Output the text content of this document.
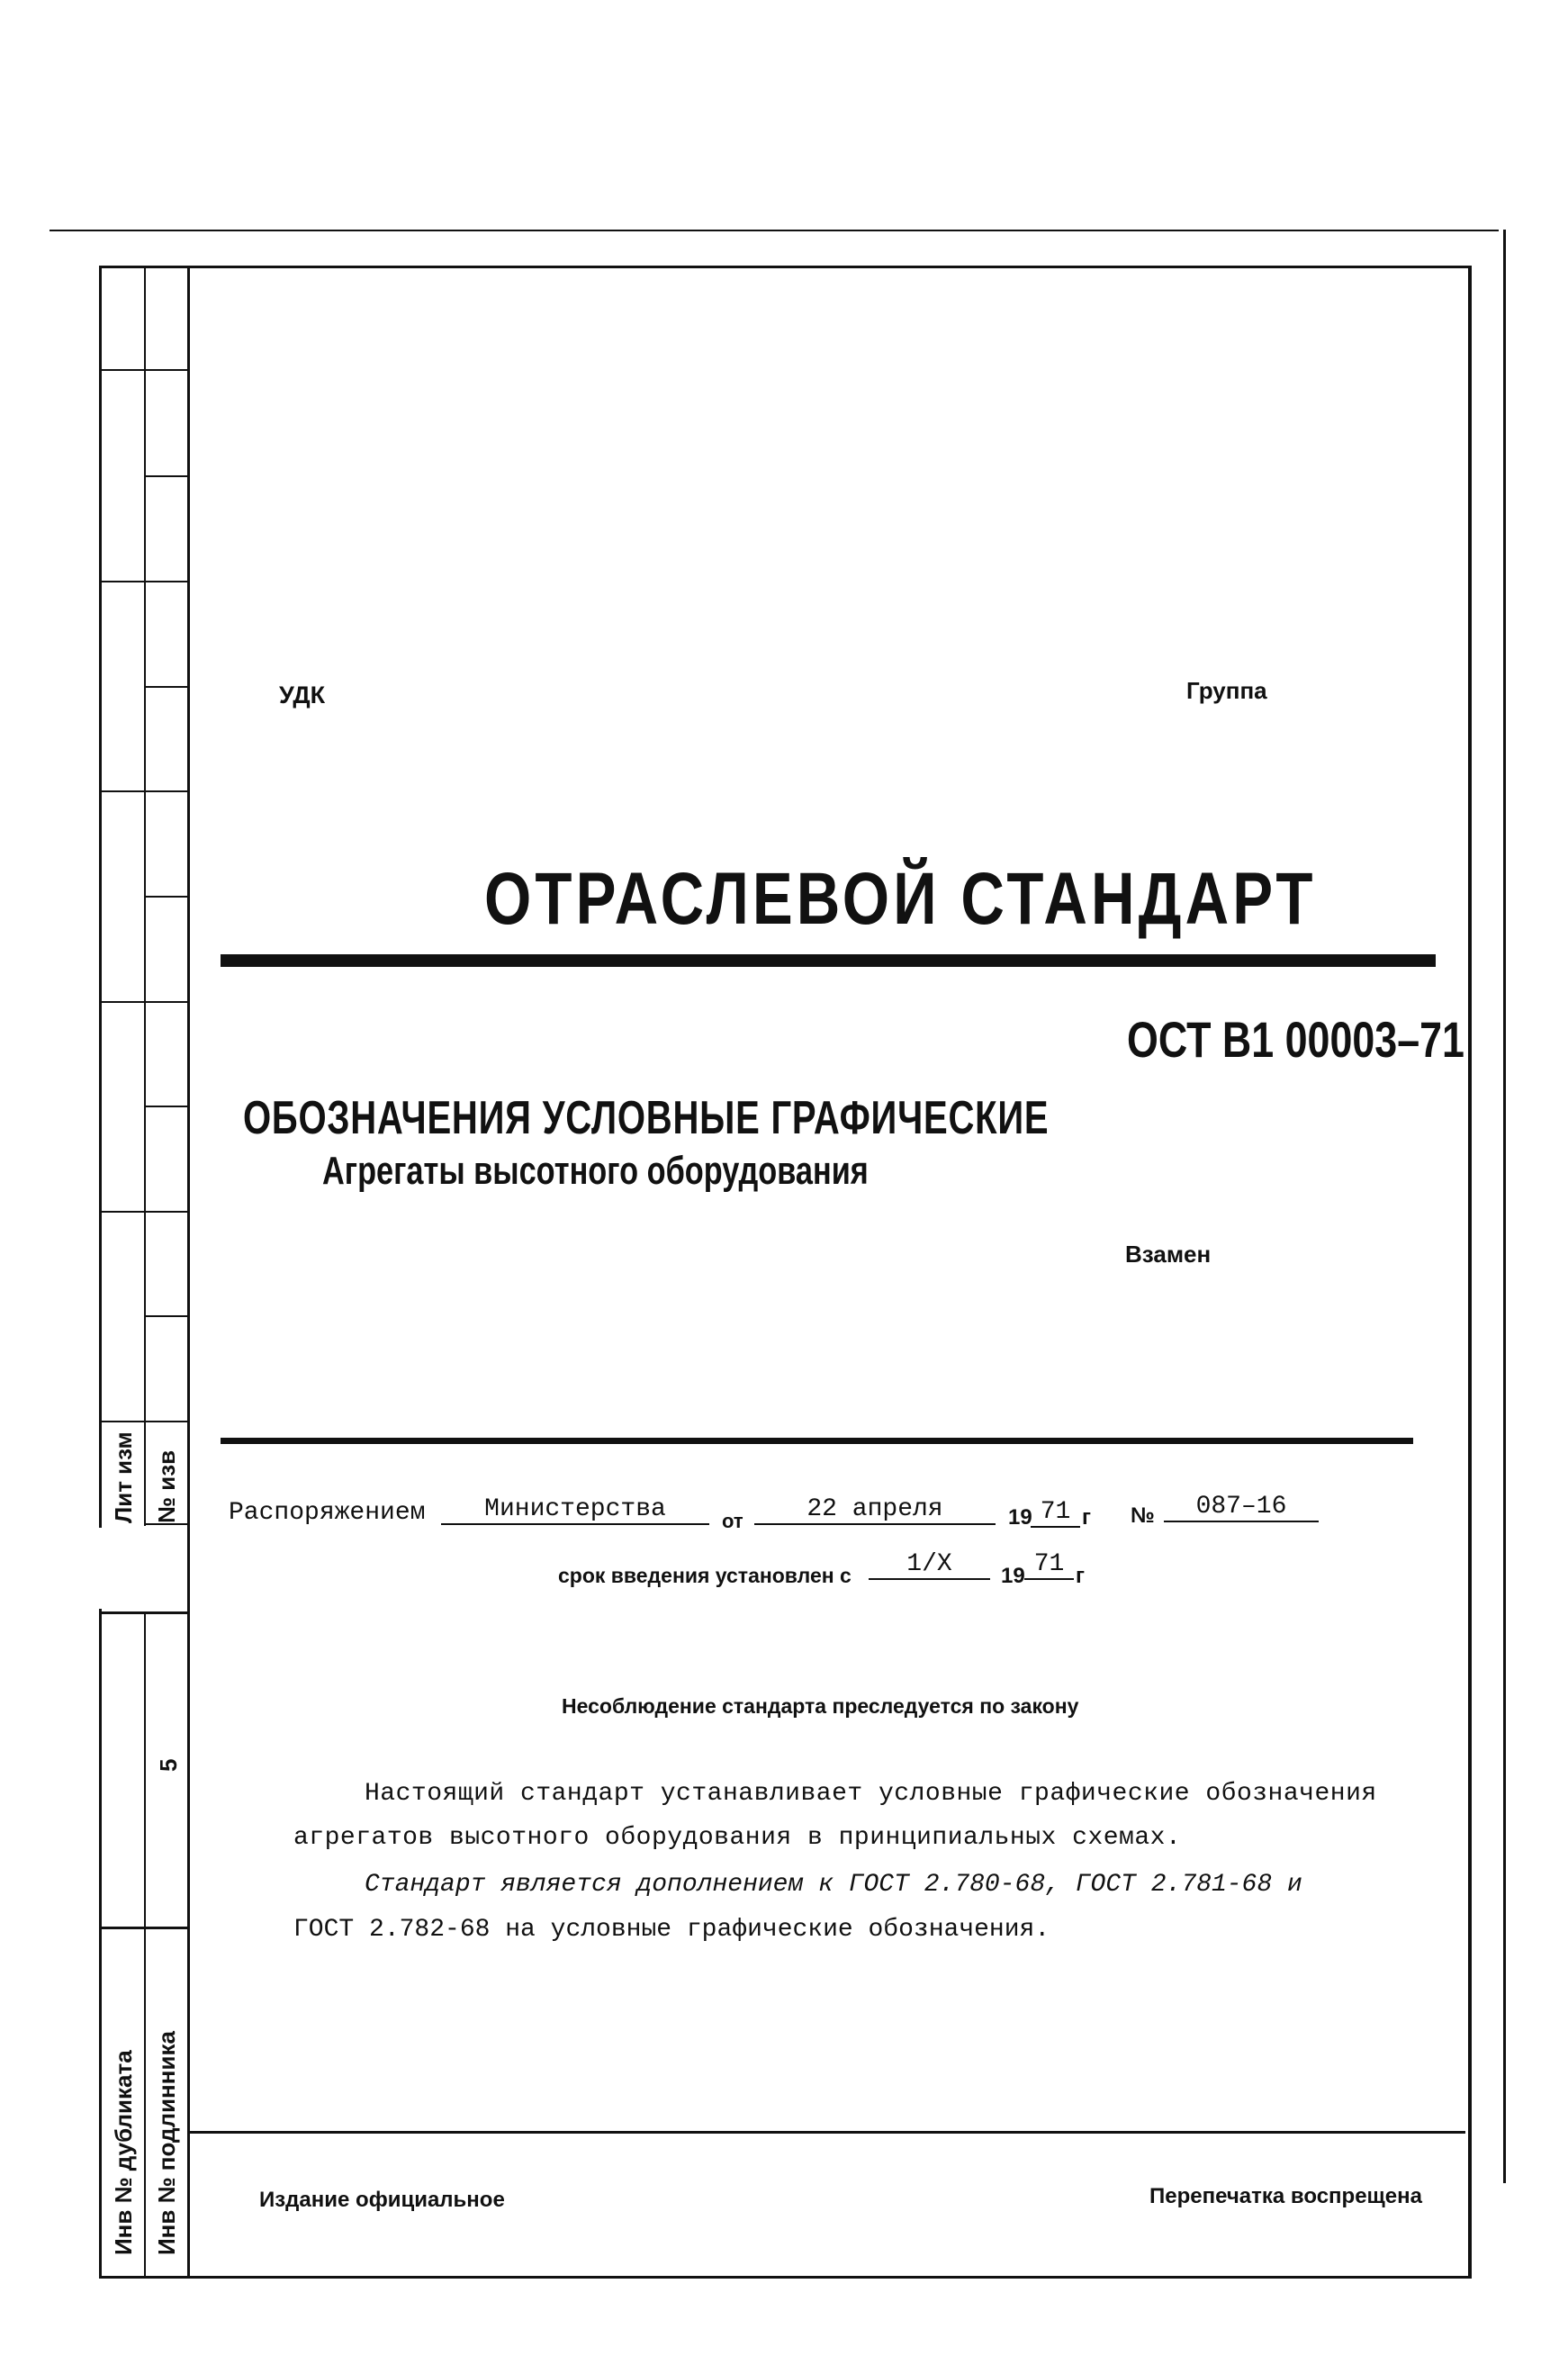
Лит изм № изв
5
Инв № дубликата Инв № подлинника
УДК	Группа
ОТРАСЛЕВОЙ СТАНДАРТ
ОСТ В1 00003–71
ОБОЗНАЧЕНИЯ УСЛОВНЫЕ ГРАФИЧЕСКИЕ
Агрегаты высотного оборудования
Взамен
Распоряжением	Министерства	от	22 апреля	19 71 г №	087–16
срок введения установлен с	1/X	19 71 г
Несоблюдение стандарта преследуется по закону
Настоящий стандарт устанавливает условные графические обозначения
агрегатов высотного оборудования в принципиальных схемах.
Стандарт является дополнением к ГОСТ 2.780-68, ГОСТ 2.781-68 и
ГОСТ 2.782-68 на условные графические обозначения.
Издание официальное	Перепечатка воспрещена
